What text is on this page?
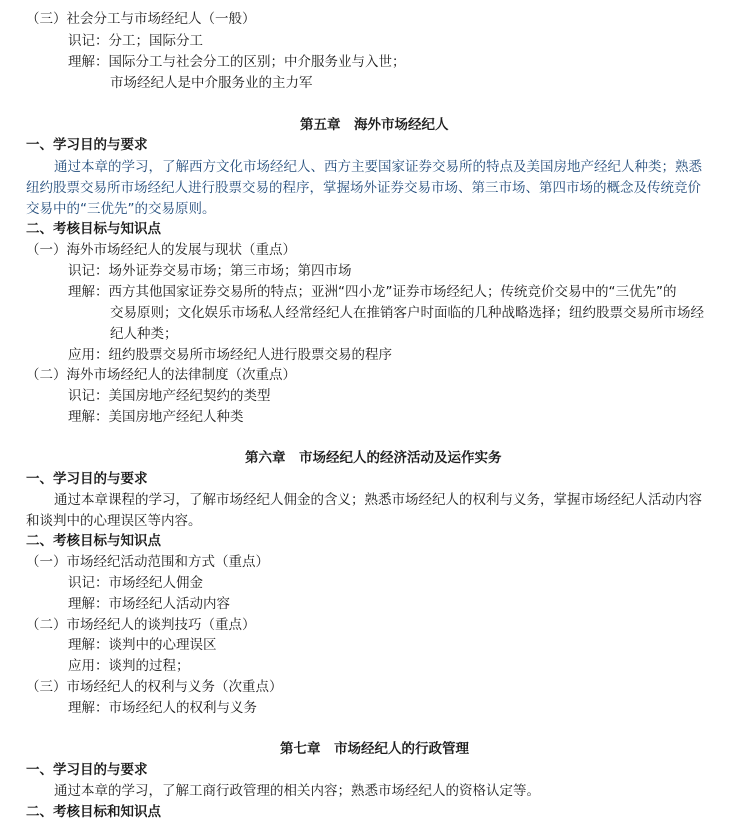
（三）社会分工与市场经纪人（一般）
识记：分工；国际分工
理解：国际分工与社会分工的区别；中介服务业与入世；
市场经纪人是中介服务业的主力军
第五章　海外市场经纪人
一、学习目的与要求
通过本章的学习，了解西方文化市场经纪人、西方主要国家证券交易所的特点及美国房地产经纪人种类；熟悉
纽约股票交易所市场经纪人进行股票交易的程序，掌握场外证券交易市场、第三市场、第四市场的概念及传统竞价
交易中的“三优先”的交易原则。
二、考核目标与知识点
（一）海外市场经纪人的发展与现状（重点）
识记：场外证券交易市场；第三市场；第四市场
理解：西方其他国家证券交易所的特点；亚洲“四小龙”证券市场经纪人；传统竞价交易中的“三优先”的
交易原则；文化娱乐市场私人经常经纪人在推销客户时面临的几种战略选择；纽约股票交易所市场经
纪人种类；
应用：纽约股票交易所市场经纪人进行股票交易的程序
（二）海外市场经纪人的法律制度（次重点）
识记：美国房地产经纪契约的类型
理解：美国房地产经纪人种类
第六章　市场经纪人的经济活动及运作实务
一、学习目的与要求
通过本章课程的学习，了解市场经纪人佣金的含义；熟悉市场经纪人的权利与义务，掌握市场经纪人活动内容
和谈判中的心理误区等内容。
二、考核目标与知识点
（一）市场经纪活动范围和方式（重点）
识记：市场经纪人佣金
理解：市场经纪人活动内容
（二）市场经纪人的谈判技巧（重点）
理解：谈判中的心理误区
应用：谈判的过程；
（三）市场经纪人的权利与义务（次重点）
理解：市场经纪人的权利与义务
第七章　市场经纪人的行政管理
一、学习目的与要求
通过本章的学习，了解工商行政管理的相关内容；熟悉市场经纪人的资格认定等。
二、考核目标和知识点
